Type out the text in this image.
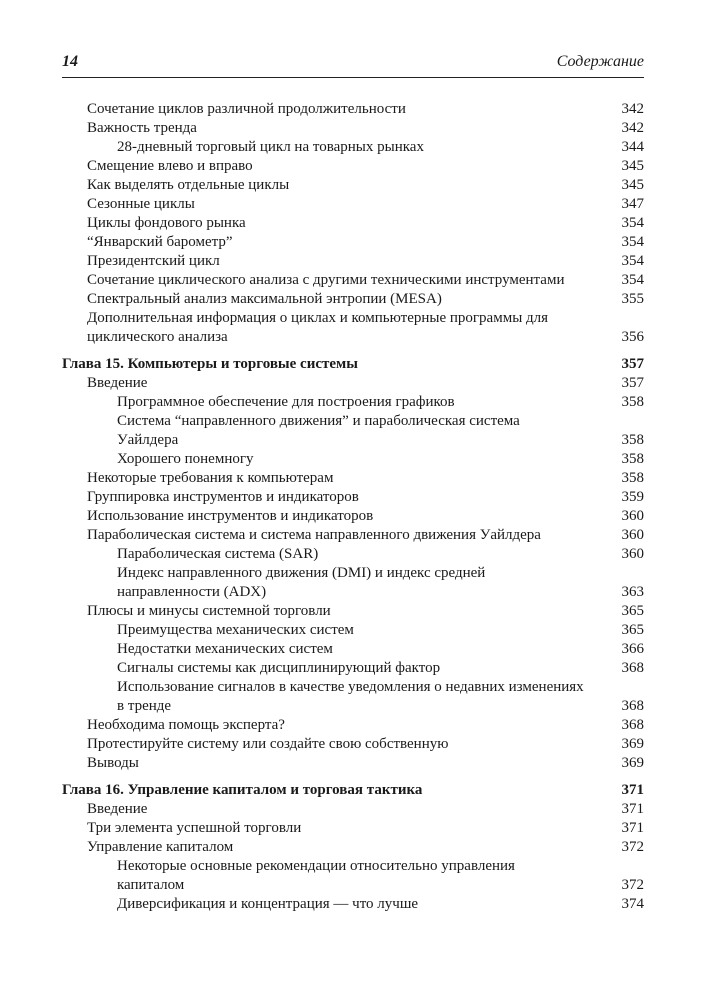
14	Содержание
Сочетание циклов различной продолжительности	342
Важность тренда	342
28-дневный торговый цикл на товарных рынках	344
Смещение влево и вправо	345
Как выделять отдельные циклы	345
Сезонные циклы	347
Циклы фондового рынка	354
“Январский барометр”	354
Президентский цикл	354
Сочетание циклического анализа с другими техническими инструментами	354
Спектральный анализ максимальной энтропии (MESA)	355
Дополнительная информация о циклах и компьютерные программы для циклического анализа	356
Глава 15. Компьютеры и торговые системы	357
Введение	357
Программное обеспечение для построения графиков	358
Система “направленного движения” и параболическая система Уайлдера	358
Хорошего понемногу	358
Некоторые требования к компьютерам	358
Группировка инструментов и индикаторов	359
Использование инструментов и индикаторов	360
Параболическая система и система направленного движения Уайлдера	360
Параболическая система (SAR)	360
Индекс направленного движения (DMI) и индекс средней направленности (ADX)	363
Плюсы и минусы системной торговли	365
Преимущества механических систем	365
Недостатки механических систем	366
Сигналы системы как дисциплинирующий фактор	368
Использование сигналов в качестве уведомления о недавних изменениях в тренде	368
Необходима помощь эксперта?	368
Протестируйте систему или создайте свою собственную	369
Выводы	369
Глава 16. Управление капиталом и торговая тактика	371
Введение	371
Три элемента успешной торговли	371
Управление капиталом	372
Некоторые основные рекомендации относительно управления капиталом	372
Диверсификация и концентрация — что лучше	374
